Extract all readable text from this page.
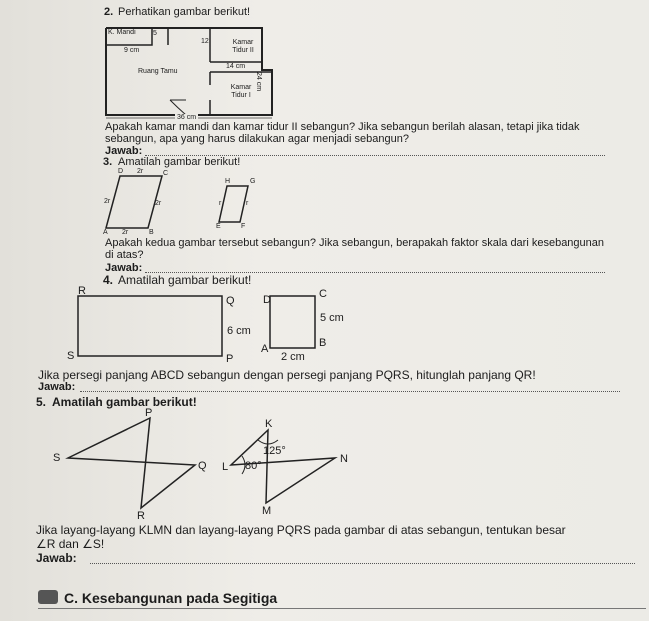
2. Perhatikan gambar berikut!
K. Mandi 5
9 cm
12	Kamar Tidur II
Ruang Tamu
14 cm
24 cm
Kamar Tidur I
36 cm
Apakah kamar mandi dan kamar tidur II sebangun? Jika sebangun berilah alasan, tetapi jika tidak
sebangun, apa yang harus dilakukan agar menjadi sebangun?
Jawab:
3. Amatilah gambar berikut!
D	C
A	B
2r
2r	2r
2r
H	G
E	F
r	r
Apakah kedua gambar tersebut sebangun? Jika sebangun, berapakah faktor skala dari kesebangunan
di atas?
Jawab:
4. Amatilah gambar berikut!
R
Q
S	P
6 cm
D	C
A	B
5 cm
2 cm
Jika persegi panjang ABCD sebangun dengan persegi panjang PQRS, hitunglah panjang QR!
Jawab:
5. Amatilah gambar berikut!
P
S
Q
R
K
L
N
M
125°
80°
Jika layang-layang KLMN dan layang-layang PQRS pada gambar di atas sebangun, tentukan besar
∠R dan ∠S!
Jawab:
C. Kesebangunan pada Segitiga
